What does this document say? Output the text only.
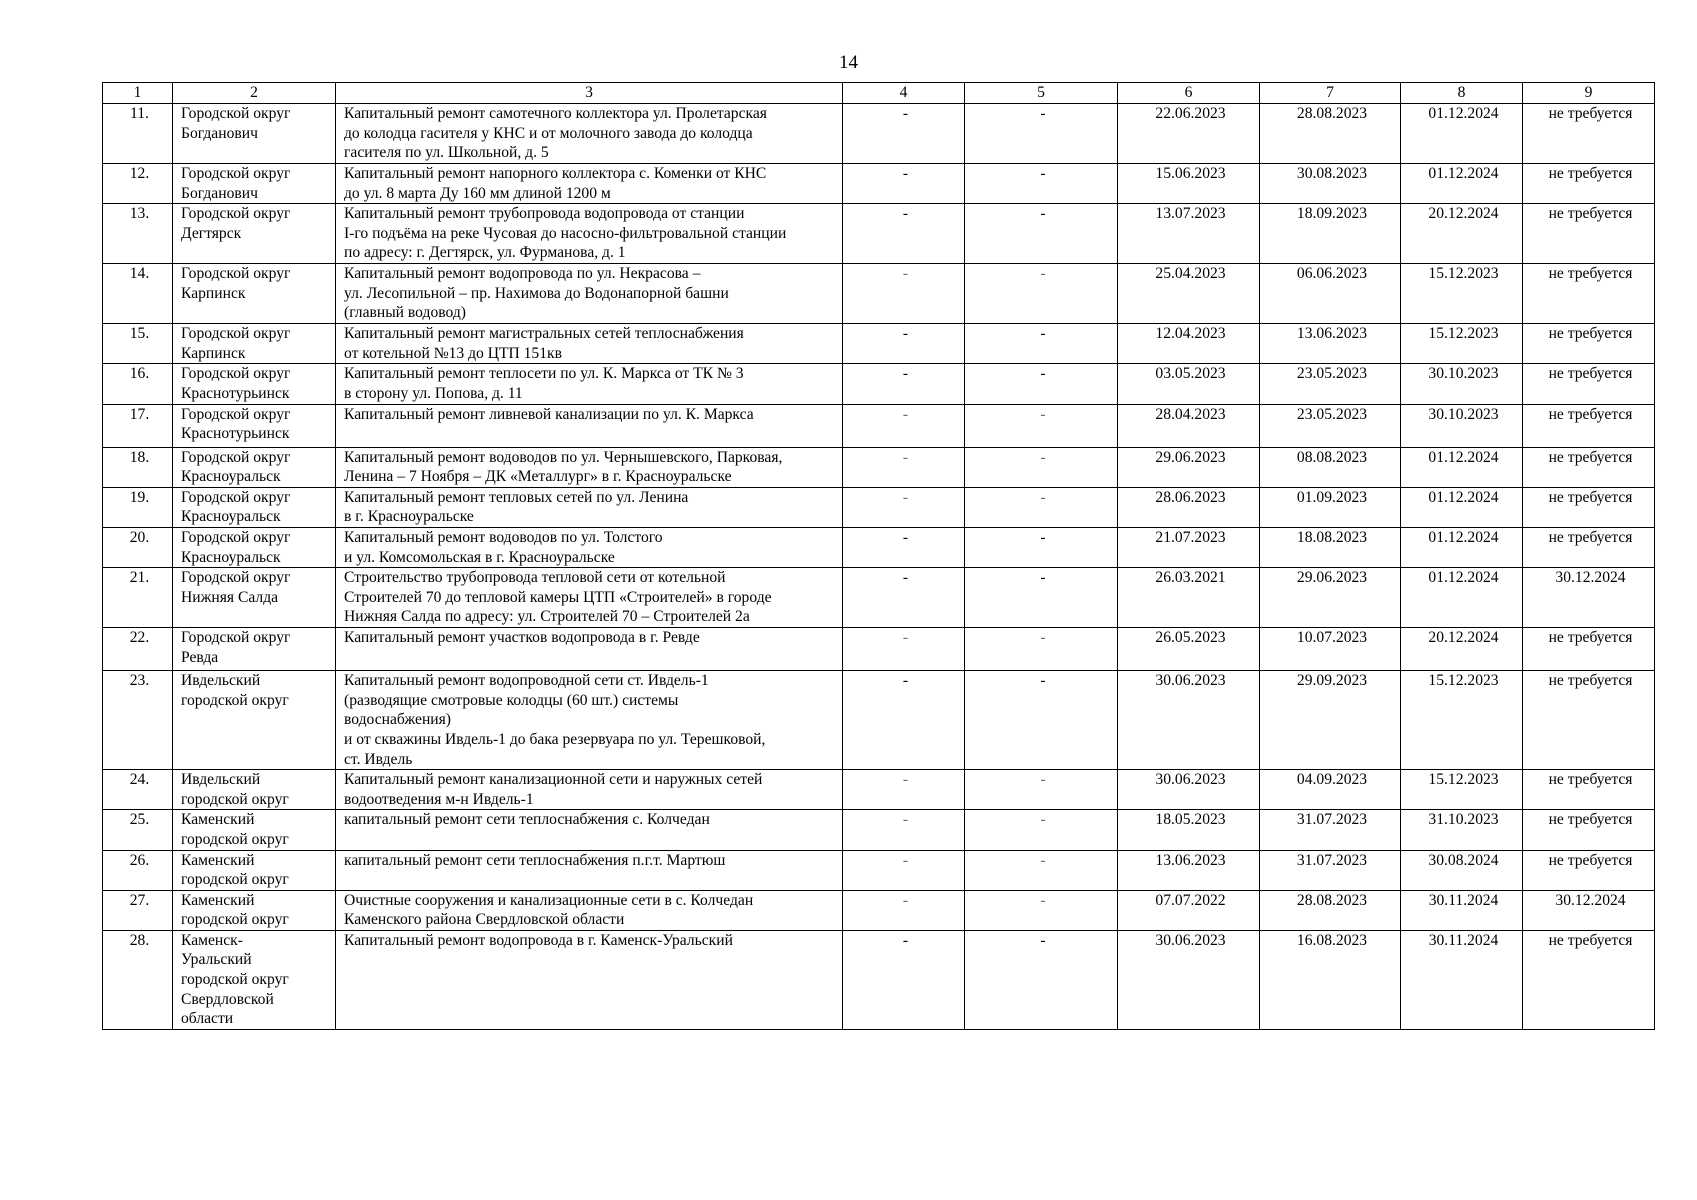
14
1	2	3	4	5	6	7	8	9
11.	Городской округ
Богданович	Капитальный ремонт самотечного коллектора ул. Пролетарская
до колодца гасителя у КНС и от молочного завода до колодца
гасителя по ул. Школьной, д. 5	-	-	22.06.2023	28.08.2023	01.12.2024	не требуется
12.	Городской округ
Богданович	Капитальный ремонт напорного коллектора с. Коменки от КНС
до ул. 8 марта Ду 160 мм длиной 1200 м	-	-	15.06.2023	30.08.2023	01.12.2024	не требуется
13.	Городской округ
Дегтярск	Капитальный ремонт трубопровода водопровода от станции
I-го подъёма на реке Чусовая до насосно-фильтровальной станции
по адресу: г. Дегтярск, ул. Фурманова, д. 1	-	-	13.07.2023	18.09.2023	20.12.2024	не требуется
14.	Городской округ
Карпинск	Капитальный ремонт водопровода по ул. Некрасова –
ул. Лесопильной – пр. Нахимова до Водонапорной башни
(главный водовод)	-	-	25.04.2023	06.06.2023	15.12.2023	не требуется
15.	Городской округ
Карпинск	Капитальный ремонт магистральных сетей теплоснабжения
от котельной №13 до ЦТП 151кв	-	-	12.04.2023	13.06.2023	15.12.2023	не требуется
16.	Городской округ
Краснотурьинск	Капитальный ремонт теплосети по ул. К. Маркса от ТК № 3
в сторону ул. Попова, д. 11	-	-	03.05.2023	23.05.2023	30.10.2023	не требуется
17.	Городской округ
Краснотурьинск	Капитальный ремонт ливневой канализации по ул. К. Маркса	-	-	28.04.2023	23.05.2023	30.10.2023	не требуется
18.	Городской округ
Красноуральск	Капитальный ремонт водоводов по ул. Чернышевского, Парковая,
Ленина – 7 Ноября – ДК «Металлург» в г. Красноуральске	-	-	29.06.2023	08.08.2023	01.12.2024	не требуется
19.	Городской округ
Красноуральск	Капитальный ремонт тепловых сетей по ул. Ленина
в г. Красноуральске	-	-	28.06.2023	01.09.2023	01.12.2024	не требуется
20.	Городской округ
Красноуральск	Капитальный ремонт водоводов по ул. Толстого
и ул. Комсомольская в г. Красноуральске	-	-	21.07.2023	18.08.2023	01.12.2024	не требуется
21.	Городской округ
Нижняя Салда	Строительство трубопровода тепловой сети от котельной
Строителей 70 до тепловой камеры ЦТП «Строителей» в городе
Нижняя Салда по адресу: ул. Строителей 70 – Строителей 2а	-	-	26.03.2021	29.06.2023	01.12.2024	30.12.2024
22.	Городской округ
Ревда	Капитальный ремонт участков водопровода в г. Ревде	-	-	26.05.2023	10.07.2023	20.12.2024	не требуется
23.	Ивдельский
городской округ	Капитальный ремонт водопроводной сети ст. Ивдель-1
(разводящие смотровые колодцы (60 шт.) системы
водоснабжения)
и от скважины Ивдель-1 до бака резервуара по ул. Терешковой,
ст. Ивдель	-	-	30.06.2023	29.09.2023	15.12.2023	не требуется
24.	Ивдельский
городской округ	Капитальный ремонт канализационной сети и наружных сетей
водоотведения м-н Ивдель-1	-	-	30.06.2023	04.09.2023	15.12.2023	не требуется
25.	Каменский
городской округ	капитальный ремонт сети теплоснабжения с. Колчедан	-	-	18.05.2023	31.07.2023	31.10.2023	не требуется
26.	Каменский
городской округ	капитальный ремонт сети теплоснабжения п.г.т. Мартюш	-	-	13.06.2023	31.07.2023	30.08.2024	не требуется
27.	Каменский
городской округ	Очистные сооружения и канализационные сети в с. Колчедан
Каменского района Свердловской области	-	-	07.07.2022	28.08.2023	30.11.2024	30.12.2024
28.	Каменск-
Уральский
городской округ
Свердловской
области	Капитальный ремонт водопровода в г. Каменск-Уральский	-	-	30.06.2023	16.08.2023	30.11.2024	не требуется
